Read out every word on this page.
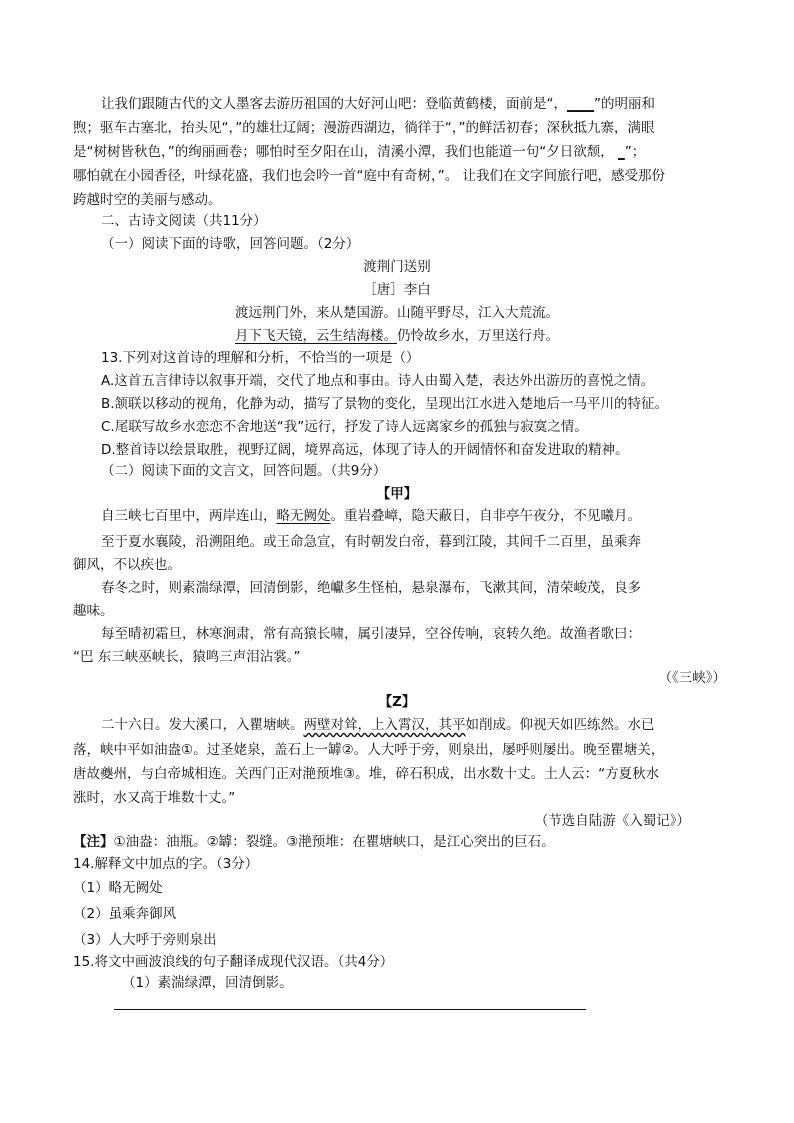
让我们跟随古代的文人墨客去游历祖国的大好河山吧：登临黄鹤楼，面前是“，____”的明丽和
煦；驱车古塞北，抬头见“，”的雄壮辽阔；漫游西湖边，徜徉于“，”的鲜活初春；深秋抵九寨，满眼
是“树树皆秋色，”的绚丽画卷；哪怕时至夕阳在山，清溪小潭，我们也能道一句“夕日欲颓， _”；
哪怕就在小园香径，叶绿花盛，我们也会吟一首“庭中有奇树，”。 让我们在文字间旅行吧，感受那份
跨越时空的美丽与感动。
二、古诗文阅读（共11分）
（一）阅读下面的诗歌，回答问题。（2分）
渡荆门送别
［唐］李白
渡远荆门外，来从楚国游。山随平野尽，江入大荒流。
月下飞天镜，云生结海楼。仍怜故乡水，万里送行舟。
13.下列对这首诗的理解和分析，不恰当的一项是（）
A.这首五言律诗以叙事开端，交代了地点和事由。诗人由蜀入楚，表达外出游历的喜悦之情。
B.颔联以移动的视角，化静为动，描写了景物的变化，呈现出江水进入楚地后一马平川的特征。
C.尾联写故乡水恋恋不舍地送“我”远行，抒发了诗人远离家乡的孤独与寂寞之情。
D.整首诗以绘景取胜，视野辽阔，境界高远，体现了诗人的开阔情怀和奋发进取的精神。
（二）阅读下面的文言文，回答问题。（共9分）
【甲】
自三峡七百里中，两岸连山，略无阙处。重岩叠嶂，隐天蔽日，自非亭午夜分，不见曦月。
至于夏水襄陵，沿溯阻绝。或王命急宣，有时朝发白帝，暮到江陵，其间千二百里，虽乘奔
御风，不以疾也。
春冬之时，则素湍绿潭，回清倒影，绝巘多生怪柏，悬泉瀑布，飞漱其间，清荣峻茂，良多
趣味。
每至晴初霜旦，林寒涧肃，常有高猿长啸，属引凄异，空谷传响，哀转久绝。故渔者歌曰：
“巴 东三峡巫峡长，猿鸣三声泪沾裳。”
（《三峡》）
【Z】
二十六日。发大溪口，入瞿塘峡。两壁对耸，上入霄汉，其平如削成。仰视天如匹练然。水已
落，峡中平如油盎①。过圣姥泉，盖石上一罅②。人大呼于旁，则泉出，屡呼则屡出。晚至瞿塘关，
唐故夔州，与白帝城相连。关西门正对滟预堆③。堆，碎石积成，出水数十丈。土人云：“方夏秋水
涨时，水又高于堆数十丈。”
（节选自陆游《入蜀记》）
【注】①油盎：油瓶。②罅：裂缝。③滟预堆：在瞿塘峡口，是江心突出的巨石。
14.解释文中加点的字。（3分）
（1）略无阙处
（2）虽乘奔御风
（3）人大呼于旁则泉出
15.将文中画波浪线的句子翻译成现代汉语。（共4分）
（1）素湍绿潭，回清倒影。
